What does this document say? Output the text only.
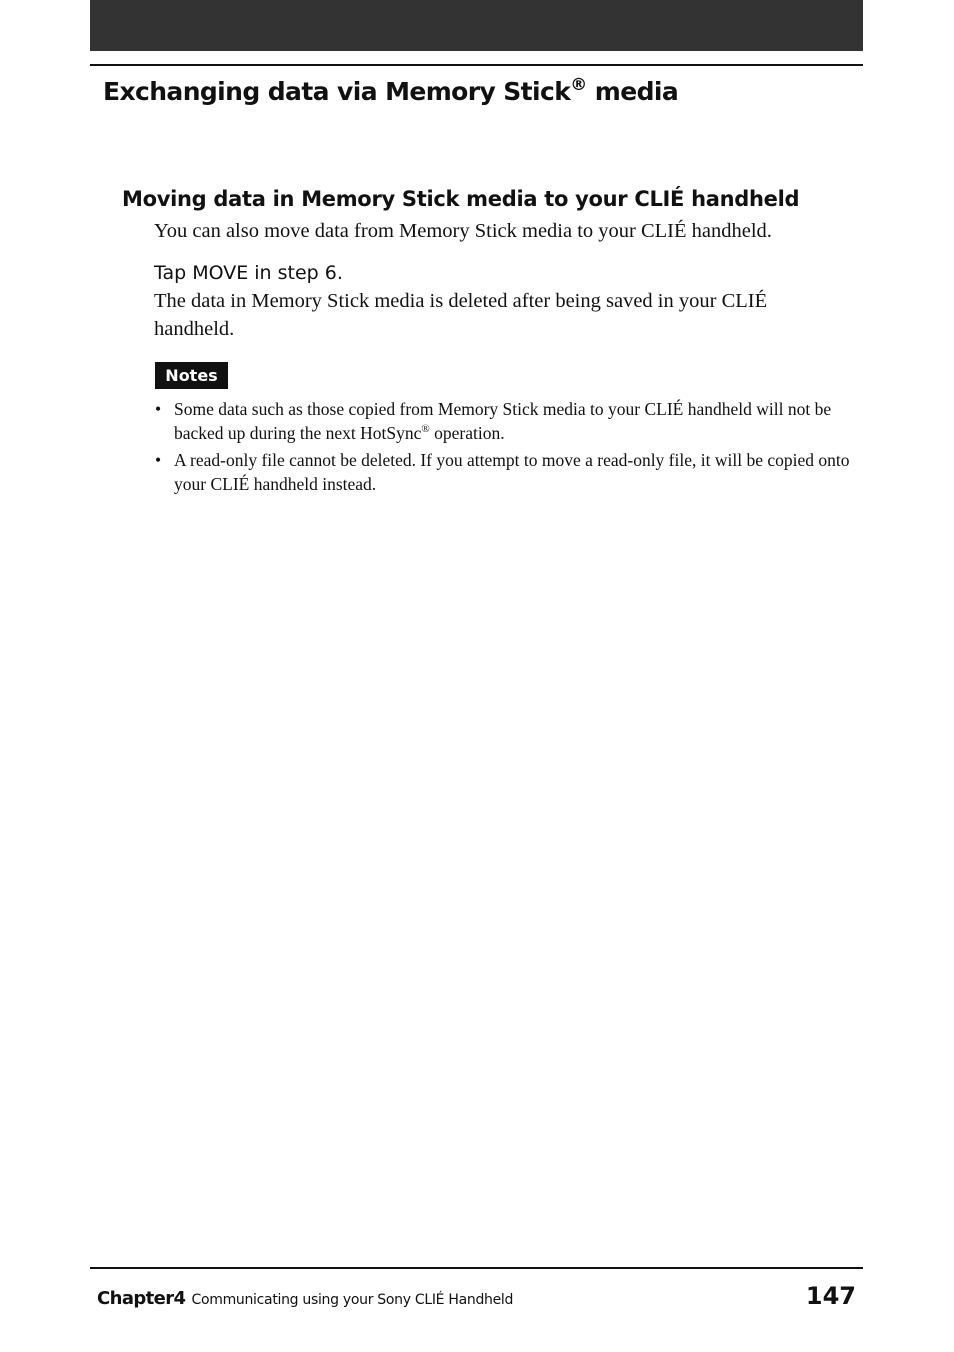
Exchanging data via Memory Stick® media
Moving data in Memory Stick media to your CLIÉ handheld

You can also move data from Memory Stick media to your CLIÉ handheld.

Tap MOVE in step 6.

The data in Memory Stick media is deleted after being saved in your CLIÉ handheld.

Notes
• Some data such as those copied from Memory Stick media to your CLIÉ handheld will not be backed up during the next HotSync® operation.
• A read-only file cannot be deleted. If you attempt to move a read-only file, it will be copied onto your CLIÉ handheld instead.
Chapter4 Communicating using your Sony CLIÉ Handheld	147
